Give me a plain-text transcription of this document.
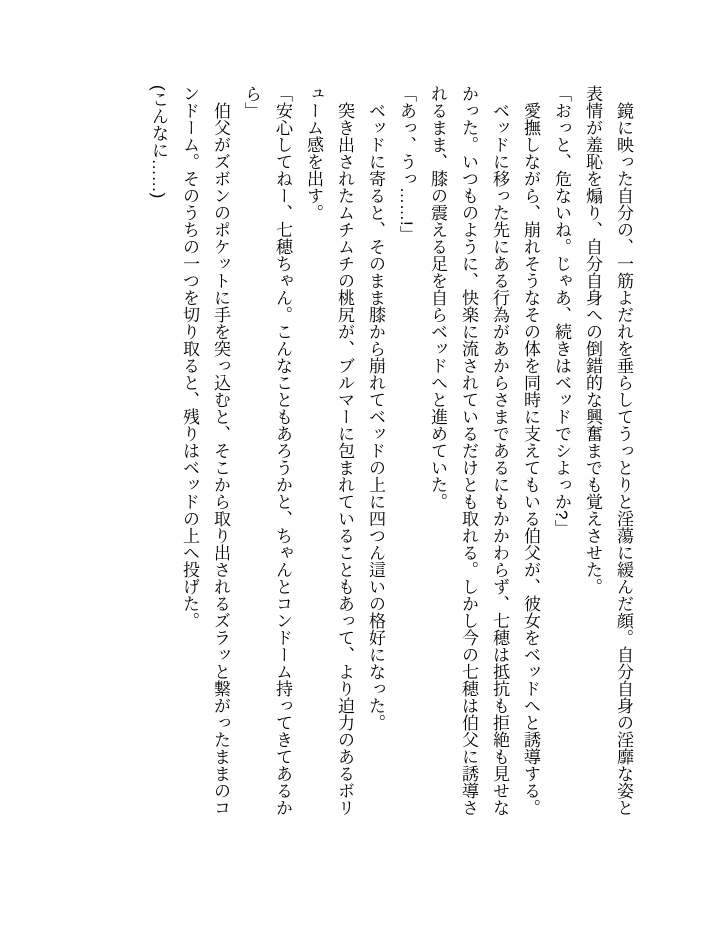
鏡に映った自分の、一筋よだれを垂らしてうっとりと淫蕩に緩んだ顔。自分自身の淫靡な姿と表情が羞恥を煽り、自分自身への倒錯的な興奮までも覚えさせた。

「おっと、危ないね。じゃあ、続きはベッドでシよっか?」

愛撫しながら、崩れそうなその体を同時に支えてもいる伯父が、彼女をベッドへと誘導する。

ベッドに移った先にある行為があからさまであるにもかかわらず、七穂は抵抗も拒絶も見せなかった。いつものように、快楽に流されているだけとも取れる。しかし今の七穂は伯父に誘導されるまま、膝の震える足を自らベッドへと進めていた。

「あっ、うっ……!」

ベッドに寄ると、そのまま膝から崩れてベッドの上に四つん這いの格好になった。

突き出されたムチムチの桃尻が、ブルマーに包まれていることもあって、より迫力のあるボリューム感を出す。

「安心してねー、七穂ちゃん。こんなこともあろうかと、ちゃんとコンドーム持ってきてあるから」

伯父がズボンのポケットに手を突っ込むと、そこから取り出されるズラッと繋がったままのコンドーム。そのうちの一つを切り取ると、残りはベッドの上へ投げた。

(こんなに……)
